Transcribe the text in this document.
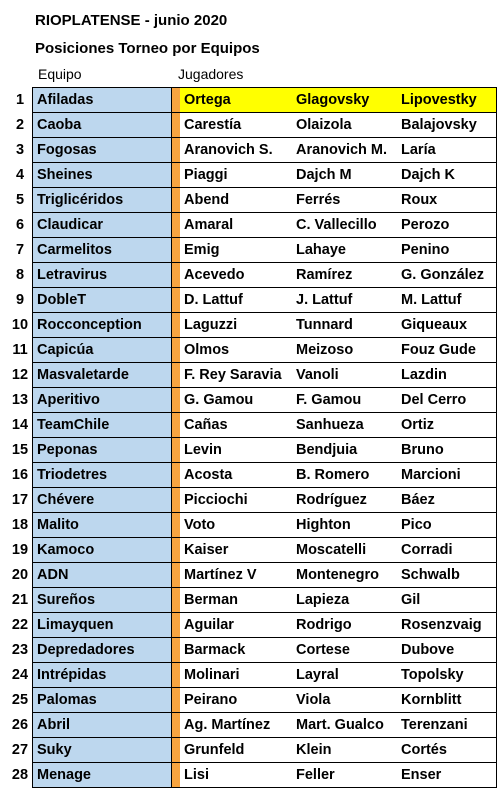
RIOPLATENSE - junio 2020
Posiciones Torneo por Equipos
Equipo	Jugadores
1	Afiladas		Ortega	Glagovsky	Lipovestky
2	Caoba		Carestía	Olaizola	Balajovsky
3	Fogosas		Aranovich S.	Aranovich M.	Laría
4	Sheines		Piaggi	Dajch M	Dajch K
5	Triglicéridos		Abend	Ferrés	Roux
6	Claudicar		Amaral	C. Vallecillo	Perozo
7	Carmelitos		Emig	Lahaye	Penino
8	Letravirus		Acevedo	Ramírez	G. González
9	DobleT		D. Lattuf	J. Lattuf	M. Lattuf
10	Rocconception		Laguzzi	Tunnard	Giqueaux
11	Capicúa		Olmos	Meizoso	Fouz Gude
12	Masvaletarde		F. Rey Saravia	Vanoli	Lazdin
13	Aperitivo		G. Gamou	F. Gamou	Del Cerro
14	TeamChile		Cañas	Sanhueza	Ortiz
15	Peponas		Levin	Bendjuia	Bruno
16	Triodetres		Acosta	B. Romero	Marcioni
17	Chévere		Picciochi	Rodríguez	Báez
18	Malito		Voto	Highton	Pico
19	Kamoco		Kaiser	Moscatelli	Corradi
20	ADN		Martínez V	Montenegro	Schwalb
21	Sureños		Berman	Lapieza	Gil
22	Limayquen		Aguilar	Rodrigo	Rosenzvaig
23	Depredadores		Barmack	Cortese	Dubove
24	Intrépidas		Molinari	Layral	Topolsky
25	Palomas		Peirano	Viola	Kornblitt
26	Abril		Ag. Martínez	Mart. Gualco	Terenzani
27	Suky		Grunfeld	Klein	Cortés
28	Menage		Lisi	Feller	Enser
